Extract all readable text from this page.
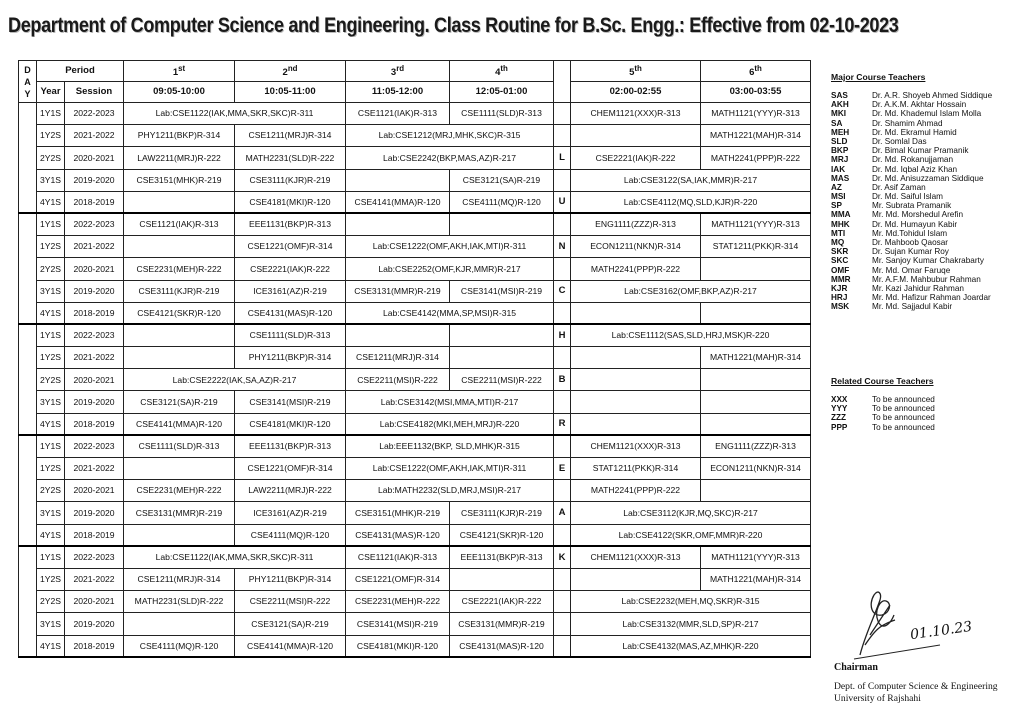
Department of Computer Science and Engineering. Class Routine for B.Sc. Engg.: Effective from 02-10-2023
D
A
Y	Period		1st	2nd	3rd	4th		5th	6th
	Year	Session	09:05-10:00	10:05-11:00	11:05-12:00	12:05-01:00		02:00-02:55	03:00-03:55
	1Y1S	2022-2023	Lab:CSE1122(IAK,MMA,SKR,SKC)R-311		CSE1121(IAK)R-313	CSE1111(SLD)R-313		CHEM1121(XXX)R-313	MATH1121(YYY)R-313
	1Y2S	2021-2022	PHY1211(BKP)R-314	CSE1211(MRJ)R-314	Lab:CSE1212(MRJ,MHK,SKC)R-315				MATH1221(MAH)R-314
	2Y2S	2020-2021	LAW2211(MRJ)R-222	MATH2231(SLD)R-222	Lab:CSE2242(BKP,MAS,AZ)R-217		L	CSE2221(IAK)R-222	MATH2241(PPP)R-222
	3Y1S	2019-2020	CSE3151(MHK)R-219	CSE3111(KJR)R-219		CSE3121(SA)R-219		Lab:CSE3122(SA,IAK,MMR)R-217	
	4Y1S	2018-2019		CSE4181(MKI)R-120	CSE4141(MMA)R-120	CSE4111(MQ)R-120	U	Lab:CSE4112(MQ,SLD,KJR)R-220	
	1Y1S	2022-2023	CSE1121(IAK)R-313	EEE1131(BKP)R-313				ENG1111(ZZZ)R-313	MATH1121(YYY)R-313
	1Y2S	2021-2022		CSE1221(OMF)R-314	Lab:CSE1222(OMF,AKH,IAK,MTI)R-311		N	ECON1211(NKN)R-314	STAT1211(PKK)R-314
	2Y2S	2020-2021	CSE2231(MEH)R-222	CSE2221(IAK)R-222	Lab:CSE2252(OMF,KJR,MMR)R-217			MATH2241(PPP)R-222	
	3Y1S	2019-2020	CSE3111(KJR)R-219	ICE3161(AZ)R-219	CSE3131(MMR)R-219	CSE3141(MSI)R-219	C	Lab:CSE3162(OMF,BKP,AZ)R-217	
	4Y1S	2018-2019	CSE4121(SKR)R-120	CSE4131(MAS)R-120	Lab:CSE4142(MMA,SP,MSI)R-315				
	1Y1S	2022-2023		CSE1111(SLD)R-313			H	Lab:CSE1112(SAS,SLD,HRJ,MSK)R-220	
	1Y2S	2021-2022		PHY1211(BKP)R-314	CSE1211(MRJ)R-314				MATH1221(MAH)R-314
	2Y2S	2020-2021	Lab:CSE2222(IAK,SA,AZ)R-217		CSE2211(MSI)R-222	CSE2211(MSI)R-222	B		
	3Y1S	2019-2020	CSE3121(SA)R-219	CSE3141(MSI)R-219	Lab:CSE3142(MSI,MMA,MTI)R-217				
	4Y1S	2018-2019	CSE4141(MMA)R-120	CSE4181(MKI)R-120	Lab:CSE4182(MKI,MEH,MRJ)R-220		R		
	1Y1S	2022-2023	CSE1111(SLD)R-313	EEE1131(BKP)R-313	Lab:EEE1132(BKP, SLD,MHK)R-315			CHEM1121(XXX)R-313	ENG1111(ZZZ)R-313
	1Y2S	2021-2022		CSE1221(OMF)R-314	Lab:CSE1222(OMF,AKH,IAK,MTI)R-311		E	STAT1211(PKK)R-314	ECON1211(NKN)R-314
	2Y2S	2020-2021	CSE2231(MEH)R-222	LAW2211(MRJ)R-222	Lab:MATH2232(SLD,MRJ,MSI)R-217			MATH2241(PPP)R-222	
	3Y1S	2019-2020	CSE3131(MMR)R-219	ICE3161(AZ)R-219	CSE3151(MHK)R-219	CSE3111(KJR)R-219	A	Lab:CSE3112(KJR,MQ,SKC)R-217	
	4Y1S	2018-2019		CSE4111(MQ)R-120	CSE4131(MAS)R-120	CSE4121(SKR)R-120		Lab:CSE4122(SKR,OMF,MMR)R-220	
	1Y1S	2022-2023	Lab:CSE1122(IAK,MMA,SKR,SKC)R-311		CSE1121(IAK)R-313	EEE1131(BKP)R-313	K	CHEM1121(XXX)R-313	MATH1121(YYY)R-313
	1Y2S	2021-2022	CSE1211(MRJ)R-314	PHY1211(BKP)R-314	CSE1221(OMF)R-314				MATH1221(MAH)R-314
	2Y2S	2020-2021	MATH2231(SLD)R-222	CSE2211(MSI)R-222	CSE2231(MEH)R-222	CSE2221(IAK)R-222		Lab:CSE2232(MEH,MQ,SKR)R-315	
	3Y1S	2019-2020		CSE3121(SA)R-219	CSE3141(MSI)R-219	CSE3131(MMR)R-219		Lab:CSE3132(MMR,SLD,SP)R-217	
	4Y1S	2018-2019	CSE4111(MQ)R-120	CSE4141(MMA)R-120	CSE4181(MKI)R-120	CSE4131(MAS)R-120		Lab:CSE4132(MAS,AZ,MHK)R-220	
Major Course Teachers
SAS	Dr. A.R. Shoyeb Ahmed Siddique
AKH	Dr. A.K.M. Akhtar Hossain
MKI	Dr. Md. Khademul Islam Molla
SA	Dr. Shamim Ahmad
MEH	Dr. Md. Ekramul Hamid
SLD	Dr. Somlal Das
BKP	Dr. Bimal Kumar Pramanik
MRJ	Dr. Md. Rokanujjaman
IAK	Dr. Md. Iqbal Aziz Khan
MAS	Dr. Md. Anisuzzaman Siddique
AZ	Dr. Asif Zaman
MSI	Dr. Md. Saiful Islam
SP	Mr. Subrata Pramanik
MMA	Mr. Md. Morshedul Arefin
MHK	Dr. Md. Humayun Kabir
MTI	Mr. Md.Tohidul Islam
MQ	Dr. Mahboob Qaosar
SKR	Dr. Sujan Kumar Roy
SKC	Mr. Sanjoy Kumar Chakrabarty
OMF	Mr. Md. Omar Faruqe
MMR	Mr. A.F.M. Mahbubur Rahman
KJR	Mr. Kazi Jahidur Rahman
HRJ	Mr. Md. Hafizur Rahman Joardar
MSK	Mr. Md. Sajjadul Kabir
Related Course Teachers
XXX	To be announced
YYY	To be announced
ZZZ	To be announced
PPP	To be announced
01.10.23
Chairman
Dept. of Computer Science & Engineering
University of Rajshahi
